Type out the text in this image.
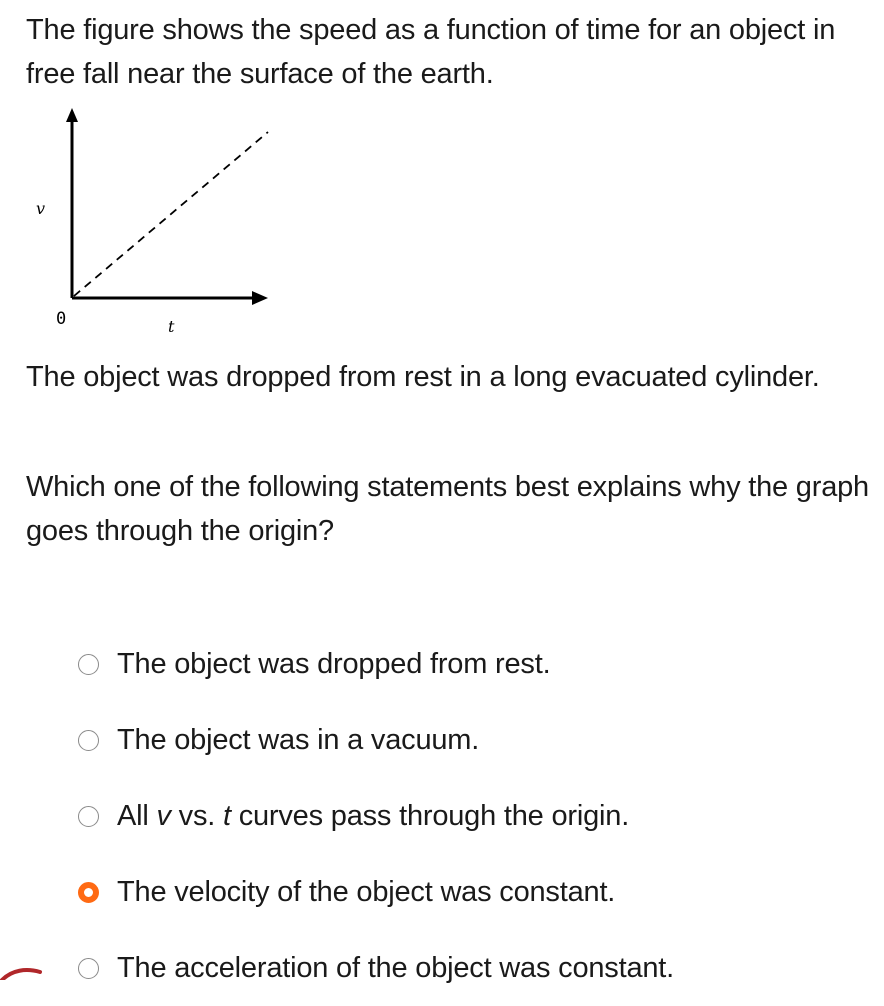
The figure shows the speed as a function of time for an object in free fall near the surface of the earth.

The object was dropped from rest in a long evacuated cylinder.

Which one of the following statements best explains why the graph goes through the origin?

v
0	t
The object was dropped from rest.
The object was in a vacuum.
All v vs. t curves pass through the origin.
The velocity of the object was constant.
The acceleration of the object was constant.
